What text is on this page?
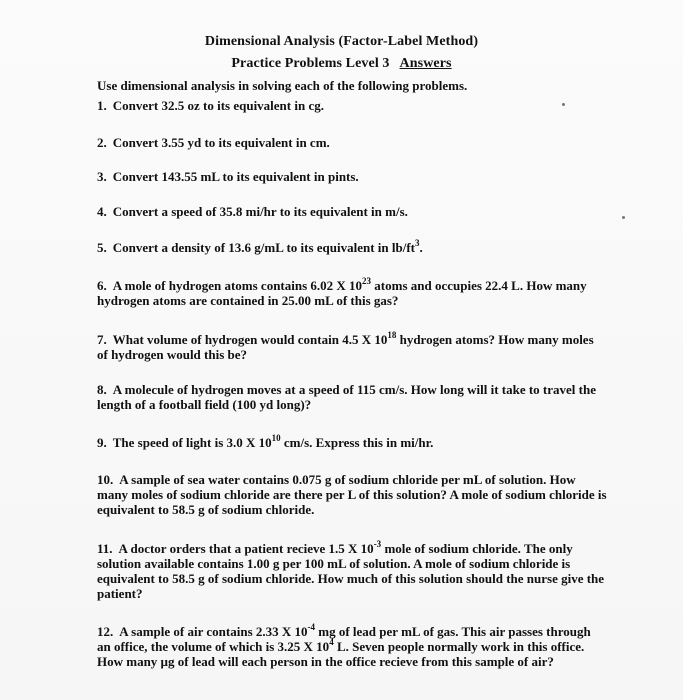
Dimensional Analysis (Factor-Label Method)
Practice Problems Level 3 Answers
Use dimensional analysis in solving each of the following problems.
1. Convert 32.5 oz to its equivalent in cg.
2. Convert 3.55 yd to its equivalent in cm.
3. Convert 143.55 mL to its equivalent in pints.
4. Convert a speed of 35.8 mi/hr to its equivalent in m/s.
5. Convert a density of 13.6 g/mL to its equivalent in $lb/ft^3$.
6. A mole of hydrogen atoms contains 6.02 X $10^{23}$ atoms and occupies 22.4 L. How many hydrogen atoms are contained in 25.00 mL of this gas?
7. What volume of hydrogen would contain 4.5 X $10^{18}$ hydrogen atoms? How many moles of hydrogen would this be?
8. A molecule of hydrogen moves at a speed of 115 cm/s. How long will it take to travel the length of a football field (100 yd long)?
9. The speed of light is 3.0 X $10^{10}$ cm/s. Express this in mi/hr.
10. A sample of sea water contains 0.075 g of sodium chloride per mL of solution. How many moles of sodium chloride are there per L of this solution? A mole of sodium chloride is equivalent to 58.5 g of sodium chloride.
11. A doctor orders that a patient recieve 1.5 X $10^{-3}$ mole of sodium chloride. The only solution available contains 1.00 g per 100 mL of solution. A mole of sodium chloride is equivalent to 58.5 g of sodium chloride. How much of this solution should the nurse give the patient?
12. A sample of air contains 2.33 X $10^{-4}$ mg of lead per mL of gas. This air passes through an office, the volume of which is 3.25 X $10^4$ L. Seven people normally work in this office. How many µg of lead will each person in the office recieve from this sample of air?
